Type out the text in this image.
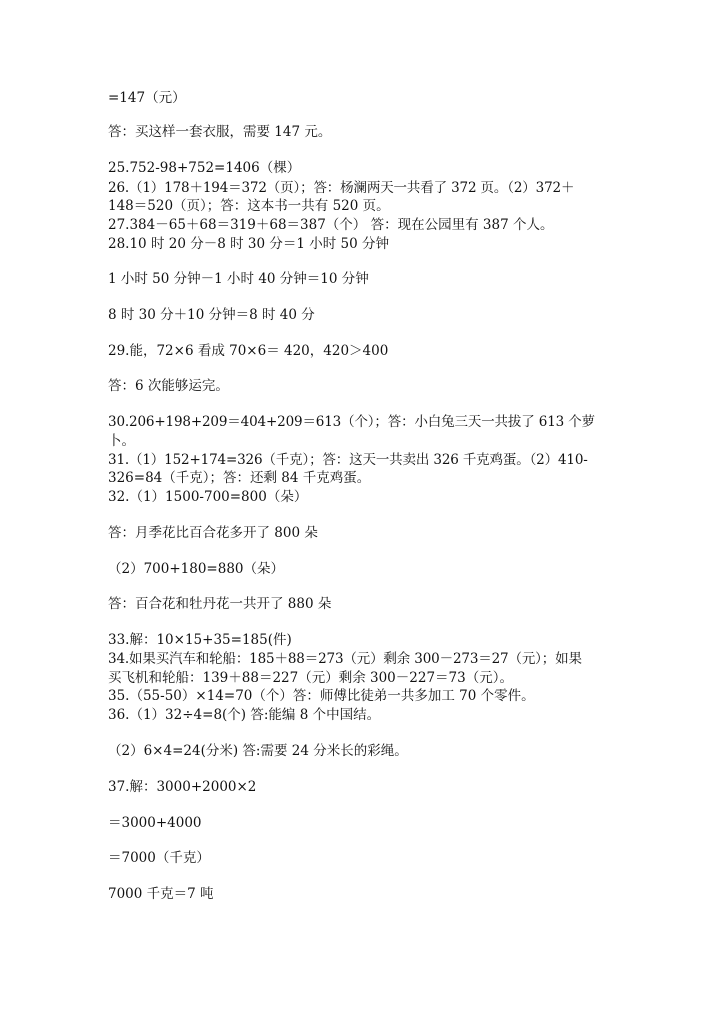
=147（元）
答：买这样一套衣服，需要 147 元。
25.752-98+752=1406（棵）
26.（1）178＋194＝372（页）；答：杨澜两天一共看了 372 页。（2）372＋
148＝520（页）；答：这本书一共有 520 页。
27.384－65＋68＝319＋68＝387（个） 答：现在公园里有 387 个人。
28.10 时 20 分－8 时 30 分＝1 小时 50 分钟
1 小时 50 分钟－1 小时 40 分钟＝10 分钟
8 时 30 分＋10 分钟＝8 时 40 分
29.能，72×6 看成 70×6＝ 420，420＞400
答：6 次能够运完。
30.206+198+209＝404+209＝613（个）；答：小白兔三天一共拔了 613 个萝
卜。
31.（1）152+174=326（千克）；答：这天一共卖出 326 千克鸡蛋。（2）410-
326=84（千克）；答：还剩 84 千克鸡蛋。
32.（1）1500-700=800（朵）
答：月季花比百合花多开了 800 朵
（2）700+180=880（朵）
答：百合花和牡丹花一共开了 880 朵
33.解：10×15+35=185(件)
34.如果买汽车和轮船：185＋88＝273（元）剩余 300－273＝27（元）；如果
买飞机和轮船：139＋88＝227（元）剩余 300－227＝73（元）。
35.（55-50）×14=70（个）答：师傅比徒弟一共多加工 70 个零件。
36.（1）32÷4=8(个) 答:能编 8 个中国结。
（2）6×4=24(分米) 答:需要 24 分米长的彩绳。
37.解：3000+2000×2
＝3000+4000
＝7000（千克）
7000 千克＝7 吨
